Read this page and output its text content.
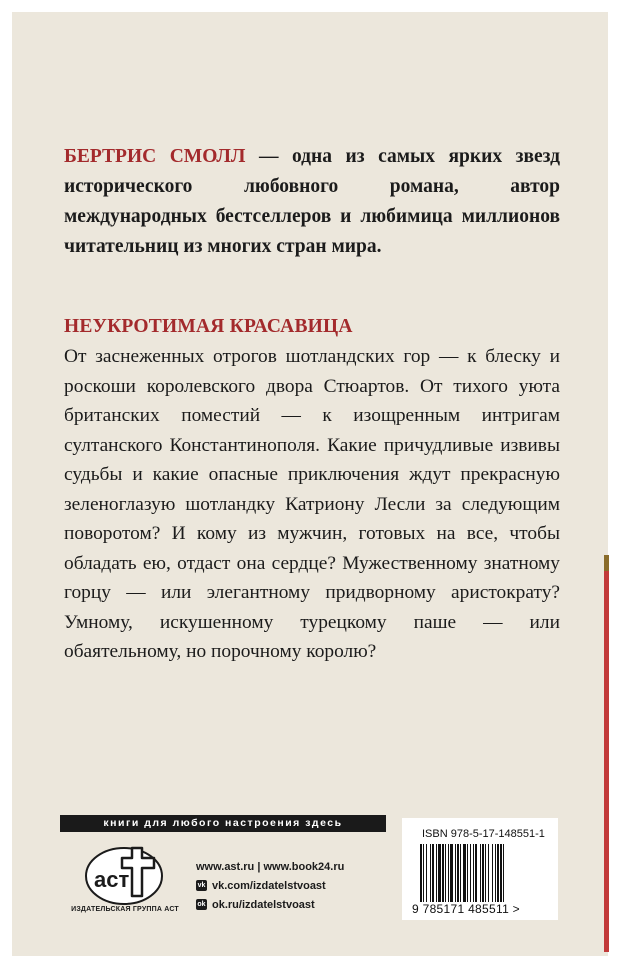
БЕРТРИС СМОЛЛ — одна из самых ярких звезд исторического любовного романа, автор международных бестселлеров и любимица миллионов читательниц из многих стран мира.
НЕУКРОТИМАЯ КРАСАВИЦА
От заснеженных отрогов шотландских гор — к блеску и роскоши королевского двора Стюартов. От тихого уюта британских поместий — к изощренным интригам султанского Константинополя. Какие причудливые извивы судьбы и какие опасные приключения ждут прекрасную зеленоглазую шотландку Катриону Лесли за следующим поворотом? И кому из мужчин, готовых на все, чтобы обладать ею, отдаст она сердце? Мужественному знатному горцу — или элегантному придворному аристократу? Умному, искушенному турецкому паше — или обаятельному, но порочному королю?
книги для любого настроения здесь
аст
ИЗДАТЕЛЬСКАЯ ГРУППА АСТ
www.ast.ru | www.book24.ru
vk vk.com/izdatelstvoast
ok ok.ru/izdatelstvoast
ISBN 978-5-17-148551-1
9 785171 485511 >
